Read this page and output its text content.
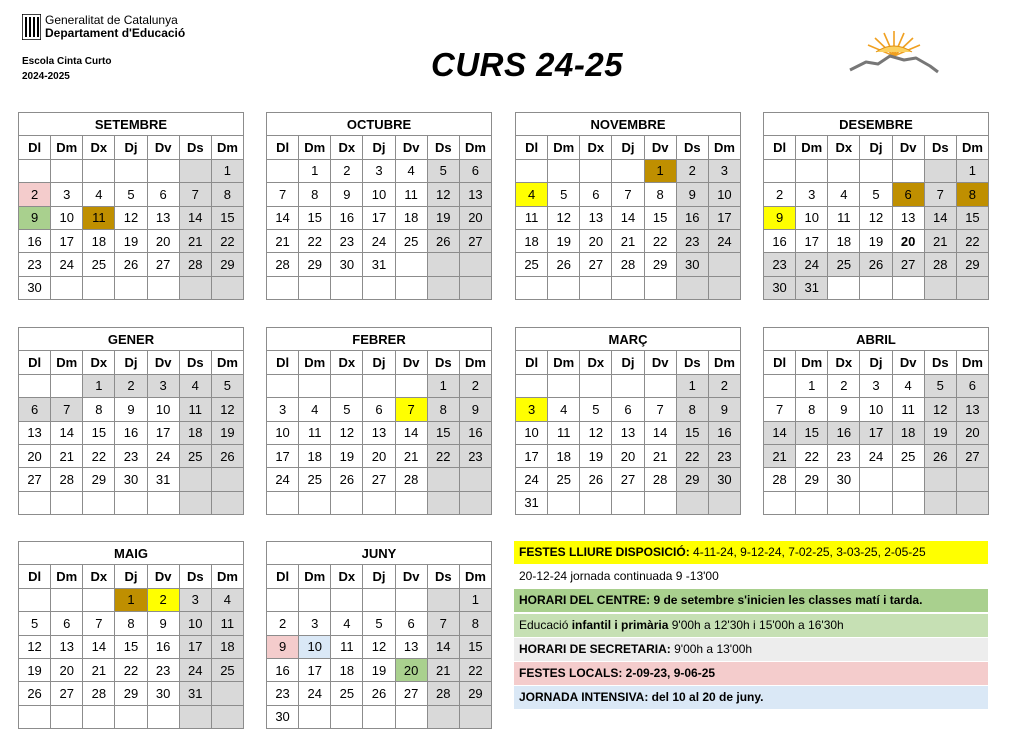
Generalitat de Catalunya
Departament d'Educació
Escola Cinta Curto
2024-2025	CURS 24-25
SETEMBRE						
Dl	Dm	Dx	Dj	Dv	Ds	Dm
						1
2	3	4	5	6	7	8
9	10	11	12	13	14	15
16	17	18	19	20	21	22
23	24	25	26	27	28	29
30						
OCTUBRE						
Dl	Dm	Dx	Dj	Dv	Ds	Dm
	1	2	3	4	5	6
7	8	9	10	11	12	13
14	15	16	17	18	19	20
21	22	23	24	25	26	27
28	29	30	31			

NOVEMBRE						
Dl	Dm	Dx	Dj	Dv	Ds	Dm
				1	2	3
4	5	6	7	8	9	10
11	12	13	14	15	16	17
18	19	20	21	22	23	24
25	26	27	28	29	30	

DESEMBRE						
Dl	Dm	Dx	Dj	Dv	Ds	Dm
						1
2	3	4	5	6	7	8
9	10	11	12	13	14	15
16	17	18	19	20	21	22
23	24	25	26	27	28	29
30	31					
GENER						
Dl	Dm	Dx	Dj	Dv	Ds	Dm
		1	2	3	4	5
6	7	8	9	10	11	12
13	14	15	16	17	18	19
20	21	22	23	24	25	26
27	28	29	30	31		

FEBRER						
Dl	Dm	Dx	Dj	Dv	Ds	Dm
					1	2
3	4	5	6	7	8	9
10	11	12	13	14	15	16
17	18	19	20	21	22	23
24	25	26	27	28		

MARÇ						
Dl	Dm	Dx	Dj	Dv	Ds	Dm
					1	2
3	4	5	6	7	8	9
10	11	12	13	14	15	16
17	18	19	20	21	22	23
24	25	26	27	28	29	30
31						
ABRIL						
Dl	Dm	Dx	Dj	Dv	Ds	Dm
	1	2	3	4	5	6
7	8	9	10	11	12	13
14	15	16	17	18	19	20
21	22	23	24	25	26	27
28	29	30				

MAIG						
Dl	Dm	Dx	Dj	Dv	Ds	Dm
			1	2	3	4
5	6	7	8	9	10	11
12	13	14	15	16	17	18
19	20	21	22	23	24	25
26	27	28	29	30	31	

JUNY						
Dl	Dm	Dx	Dj	Dv	Ds	Dm
						1
2	3	4	5	6	7	8
9	10	11	12	13	14	15
16	17	18	19	20	21	22
23	24	25	26	27	28	29
30						
FESTES LLIURE DISPOSICIÓ: 4-11-24, 9-12-24, 7-02-25, 3-03-25, 2-05-25
20-12-24 jornada continuada 9 -13'00
HORARI DEL CENTRE: 9 de setembre s'inicien les classes matí i tarda.
Educació infantil i primària 9'00h a 12'30h i 15'00h a 16'30h
HORARI DE SECRETARIA: 9'00h a 13'00h
FESTES LOCALS: 2-09-23, 9-06-25
JORNADA INTENSIVA: del 10 al 20 de juny.
